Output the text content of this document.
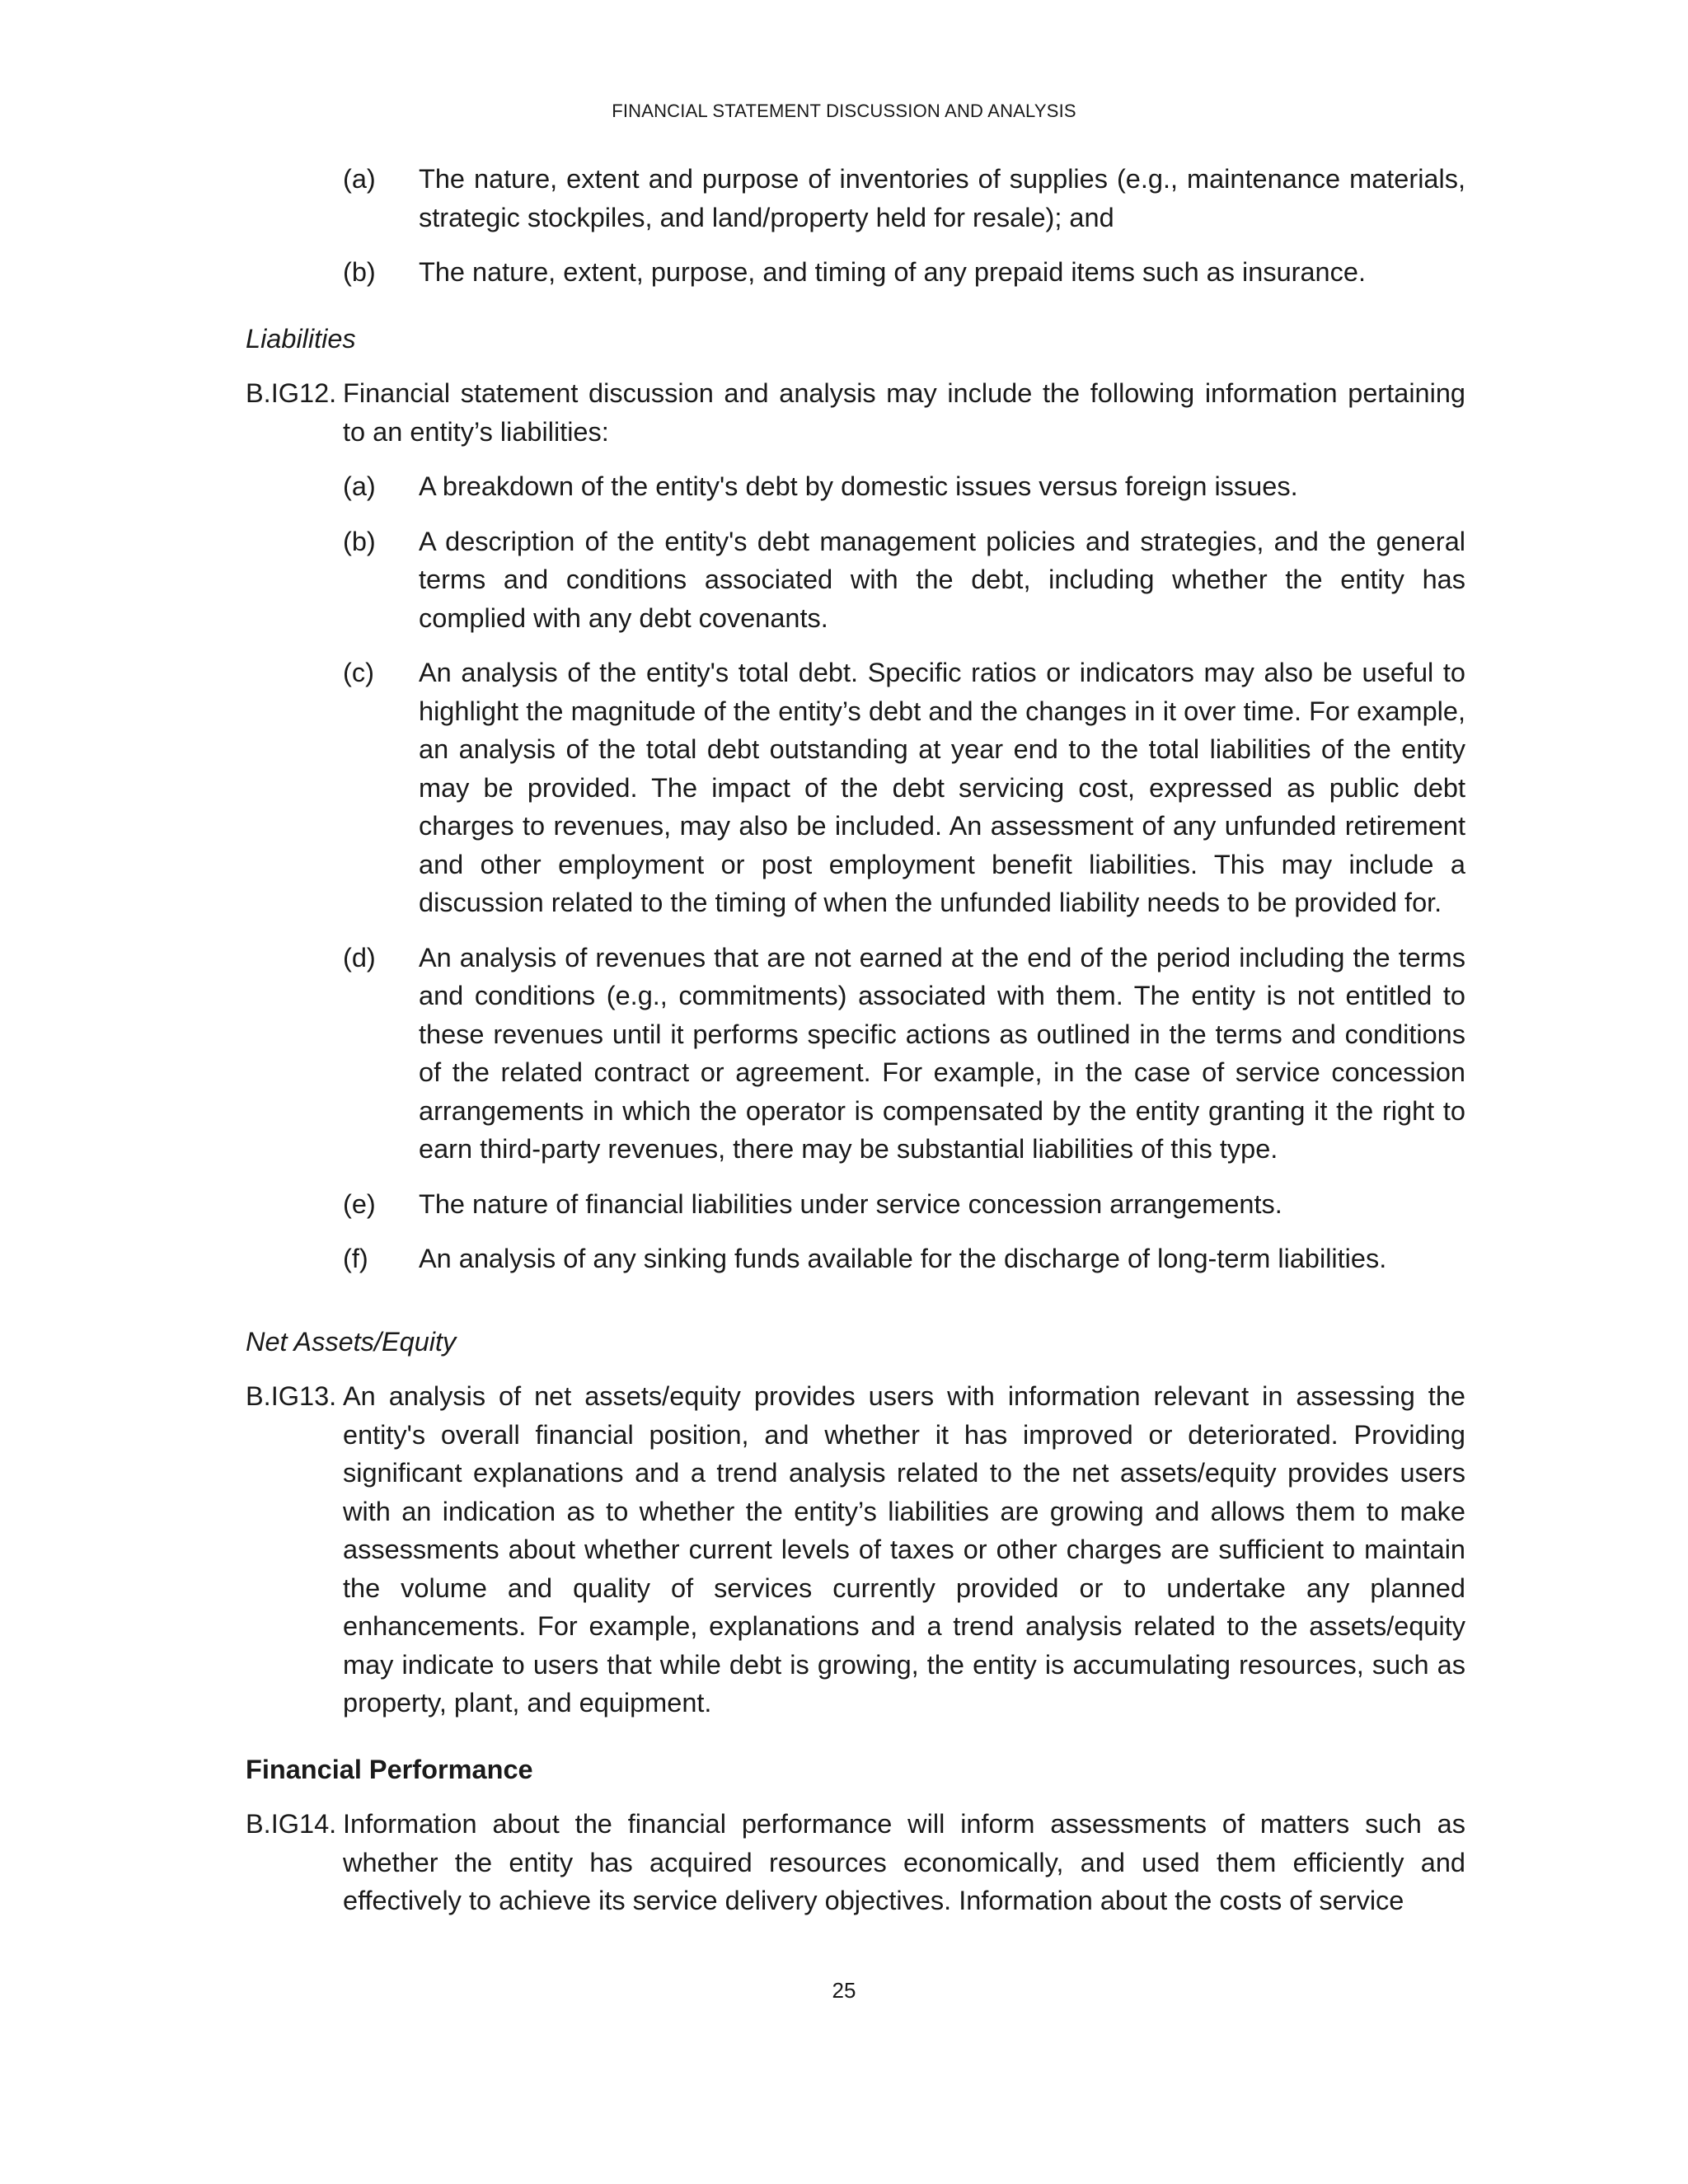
FINANCIAL STATEMENT DISCUSSION AND ANALYSIS
(a)	The nature, extent and purpose of inventories of supplies (e.g., maintenance materials, strategic stockpiles, and land/property held for resale); and
(b)	The nature, extent, purpose, and timing of any prepaid items such as insurance.
Liabilities
B.IG12. Financial statement discussion and analysis may include the following information pertaining to an entity’s liabilities:
(a)	A breakdown of the entity's debt by domestic issues versus foreign issues.
(b)	A description of the entity's debt management policies and strategies, and the general terms and conditions associated with the debt, including whether the entity has complied with any debt covenants.
(c)	An analysis of the entity's total debt. Specific ratios or indicators may also be useful to highlight the magnitude of the entity’s debt and the changes in it over time. For example, an analysis of the total debt outstanding at year end to the total liabilities of the entity may be provided. The impact of the debt servicing cost, expressed as public debt charges to revenues, may also be included. An assessment of any unfunded retirement and other employment or post employment benefit liabilities. This may include a discussion related to the timing of when the unfunded liability needs to be provided for.
(d)	An analysis of revenues that are not earned at the end of the period including the terms and conditions (e.g., commitments) associated with them. The entity is not entitled to these revenues until it performs specific actions as outlined in the terms and conditions of the related contract or agreement. For example, in the case of service concession arrangements in which the operator is compensated by the entity granting it the right to earn third-party revenues, there may be substantial liabilities of this type.
(e)	The nature of financial liabilities under service concession arrangements.
(f)	An analysis of any sinking funds available for the discharge of long-term liabilities.
Net Assets/Equity
B.IG13. An analysis of net assets/equity provides users with information relevant in assessing the entity's overall financial position, and whether it has improved or deteriorated. Providing significant explanations and a trend analysis related to the net assets/equity provides users with an indication as to whether the entity’s liabilities are growing and allows them to make assessments about whether current levels of taxes or other charges are sufficient to maintain the volume and quality of services currently provided or to undertake any planned enhancements. For example, explanations and a trend analysis related to the assets/equity may indicate to users that while debt is growing, the entity is accumulating resources, such as property, plant, and equipment.
Financial Performance
B.IG14. Information about the financial performance will inform assessments of matters such as whether the entity has acquired resources economically, and used them efficiently and effectively to achieve its service delivery objectives. Information about the costs of service
25
